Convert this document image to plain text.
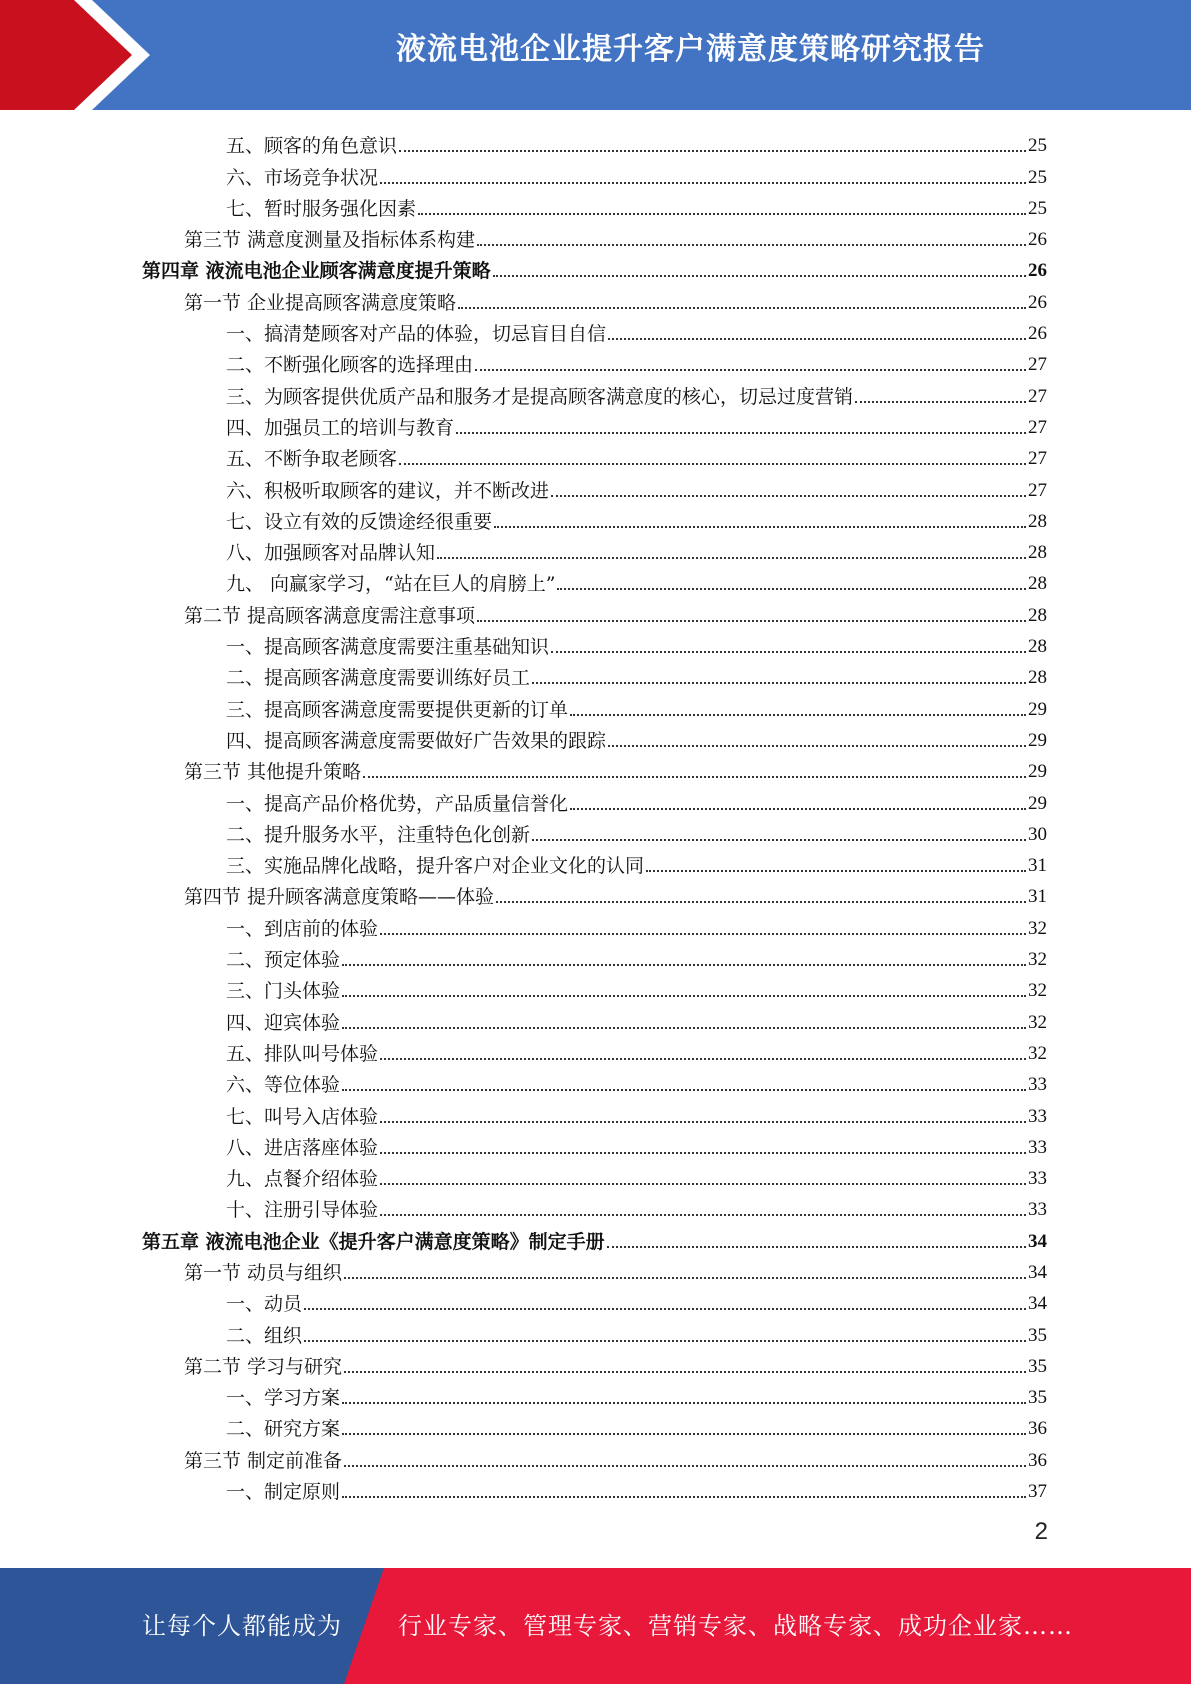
液流电池企业提升客户满意度策略研究报告
五、顾客的角色意识	25
六、市场竞争状况	25
七、暂时服务强化因素	25
第三节 满意度测量及指标体系构建	26
第四章 液流电池企业顾客满意度提升策略	26
第一节 企业提高顾客满意度策略	26
一、搞清楚顾客对产品的体验，切忌盲目自信	26
二、不断强化顾客的选择理由	27
三、为顾客提供优质产品和服务才是提高顾客满意度的核心，切忌过度营销	27
四、加强员工的培训与教育	27
五、不断争取老顾客	27
六、积极听取顾客的建议，并不断改进	27
七、设立有效的反馈途经很重要	28
八、加强顾客对品牌认知	28
九、 向赢家学习，“站在巨人的肩膀上”	28
第二节 提高顾客满意度需注意事项	28
一、提高顾客满意度需要注重基础知识	28
二、提高顾客满意度需要训练好员工	28
三、提高顾客满意度需要提供更新的订单	29
四、提高顾客满意度需要做好广告效果的跟踪	29
第三节 其他提升策略	29
一、提高产品价格优势，产品质量信誉化	29
二、提升服务水平，注重特色化创新	30
三、实施品牌化战略，提升客户对企业文化的认同	31
第四节 提升顾客满意度策略——体验	31
一、到店前的体验	32
二、预定体验	32
三、门头体验	32
四、迎宾体验	32
五、排队叫号体验	32
六、等位体验	33
七、叫号入店体验	33
八、进店落座体验	33
九、点餐介绍体验	33
十、注册引导体验	33
第五章 液流电池企业《提升客户满意度策略》制定手册	34
第一节 动员与组织	34
一、动员	34
二、组织	35
第二节 学习与研究	35
一、学习方案	35
二、研究方案	36
第三节 制定前准备	36
一、制定原则	37
2
让每个人都能成为 行业专家、管理专家、营销专家、战略专家、成功企业家……
